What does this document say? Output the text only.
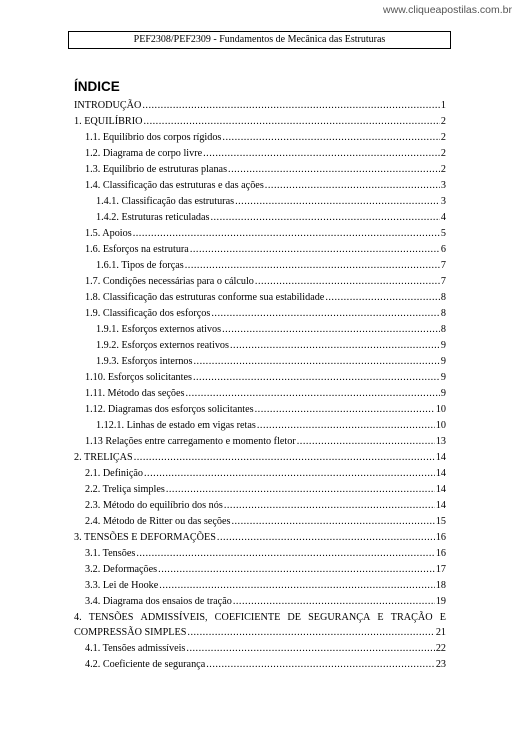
www.cliqueapostilas.com.br
PEF2308/PEF2309 - Fundamentos de Mecânica das Estruturas
ÍNDICE
INTRODUÇÃO .....	1
1. EQUILÍBRIO .....	2
1.1. Equilíbrio dos corpos rígidos .....	2
1.2. Diagrama de corpo livre .....	2
1.3. Equilíbrio de estruturas planas .....	2
1.4. Classificação das estruturas e das ações .....	3
1.4.1. Classificação das estruturas .....	3
1.4.2. Estruturas reticuladas .....	4
1.5. Apoios .....	5
1.6. Esforços na estrutura .....	6
1.6.1. Tipos de forças .....	7
1.7. Condições necessárias para o cálculo .....	7
1.8. Classificação das estruturas conforme sua estabilidade .....	8
1.9. Classificação dos esforços .....	8
1.9.1. Esforços externos ativos .....	8
1.9.2. Esforços externos reativos .....	9
1.9.3. Esforços internos .....	9
1.10. Esforços solicitantes .....	9
1.11. Método das seções .....	9
1.12. Diagramas dos esforços solicitantes .....	10
1.12.1. Linhas de estado em vigas retas .....	10
1.13 Relações entre carregamento e momento fletor .....	13
2. TRELIÇAS .....	14
2.1. Definição .....	14
2.2. Treliça simples .....	14
2.3. Método do equilíbrio dos nós .....	14
2.4. Método de Ritter ou das seções .....	15
3. TENSÕES E DEFORMAÇÕES .....	16
3.1. Tensões .....	16
3.2. Deformações .....	17
3.3. Lei de Hooke .....	18
3.4. Diagrama dos ensaios de tração .....	19
4. TENSÕES ADMISSÍVEIS, COEFICIENTE DE SEGURANÇA E TRAÇÃO E
COMPRESSÃO SIMPLES .....	21
4.1. Tensões admissíveis .....	22
4.2. Coeficiente de segurança .....	23
